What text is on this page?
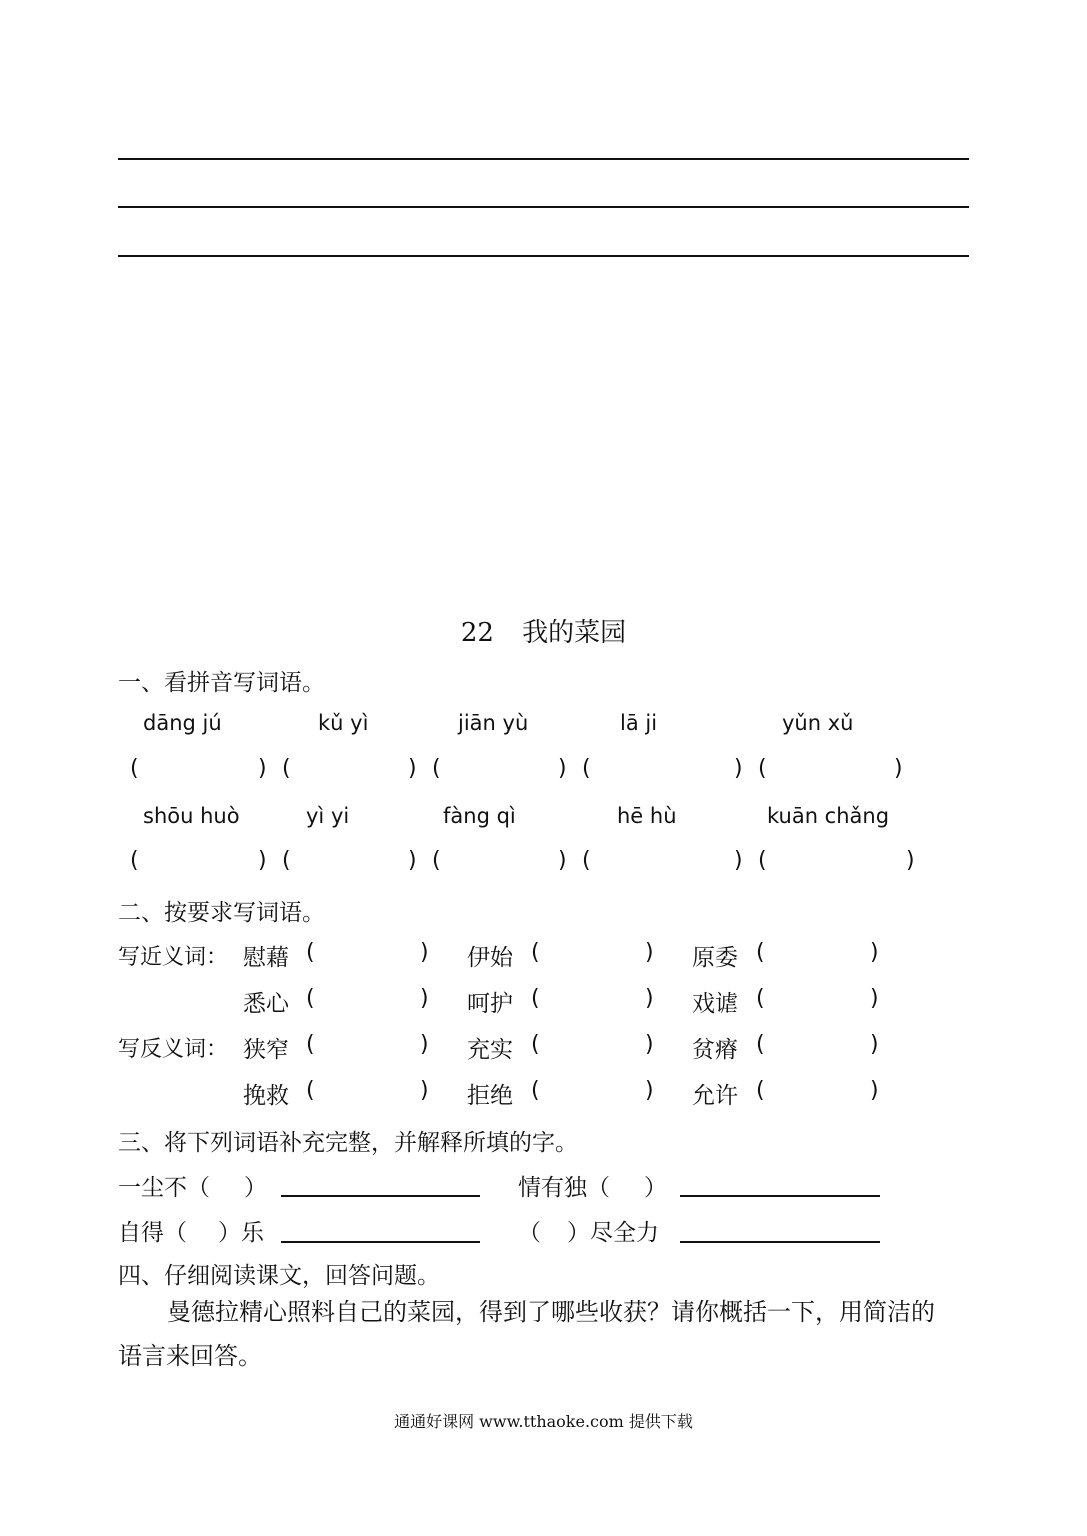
22 我的菜园
一、看拼音写词语。
dāng jú	kǔ yì	jiān yù	lā ji	yǔn xǔ
(	) (	) (	) (	) (	)
shōu huò	yì yi	fàng qì	hē hù	kuān chǎng
(	) (	) (	) (	) (	)
二、按要求写词语。
写近义词： 慰藉 (	) 伊始 (	) 原委 (	)
悉心 (	) 呵护 (	) 戏谑 (	)
写反义词： 狭窄 (	) 充实 (	) 贫瘠 (	)
挽救 (	) 拒绝 (	) 允许 (	)
三、将下列词语补充完整，并解释所填的字。
一尘不（ ）	情有独（ ）
自得（ ）乐	（ ）尽全力
四、仔细阅读课文，回答问题。
曼德拉精心照料自己的菜园，得到了哪些收获？请你概括一下，用简洁的
语言来回答。
通通好课网 www.tthaoke.com 提供下载
